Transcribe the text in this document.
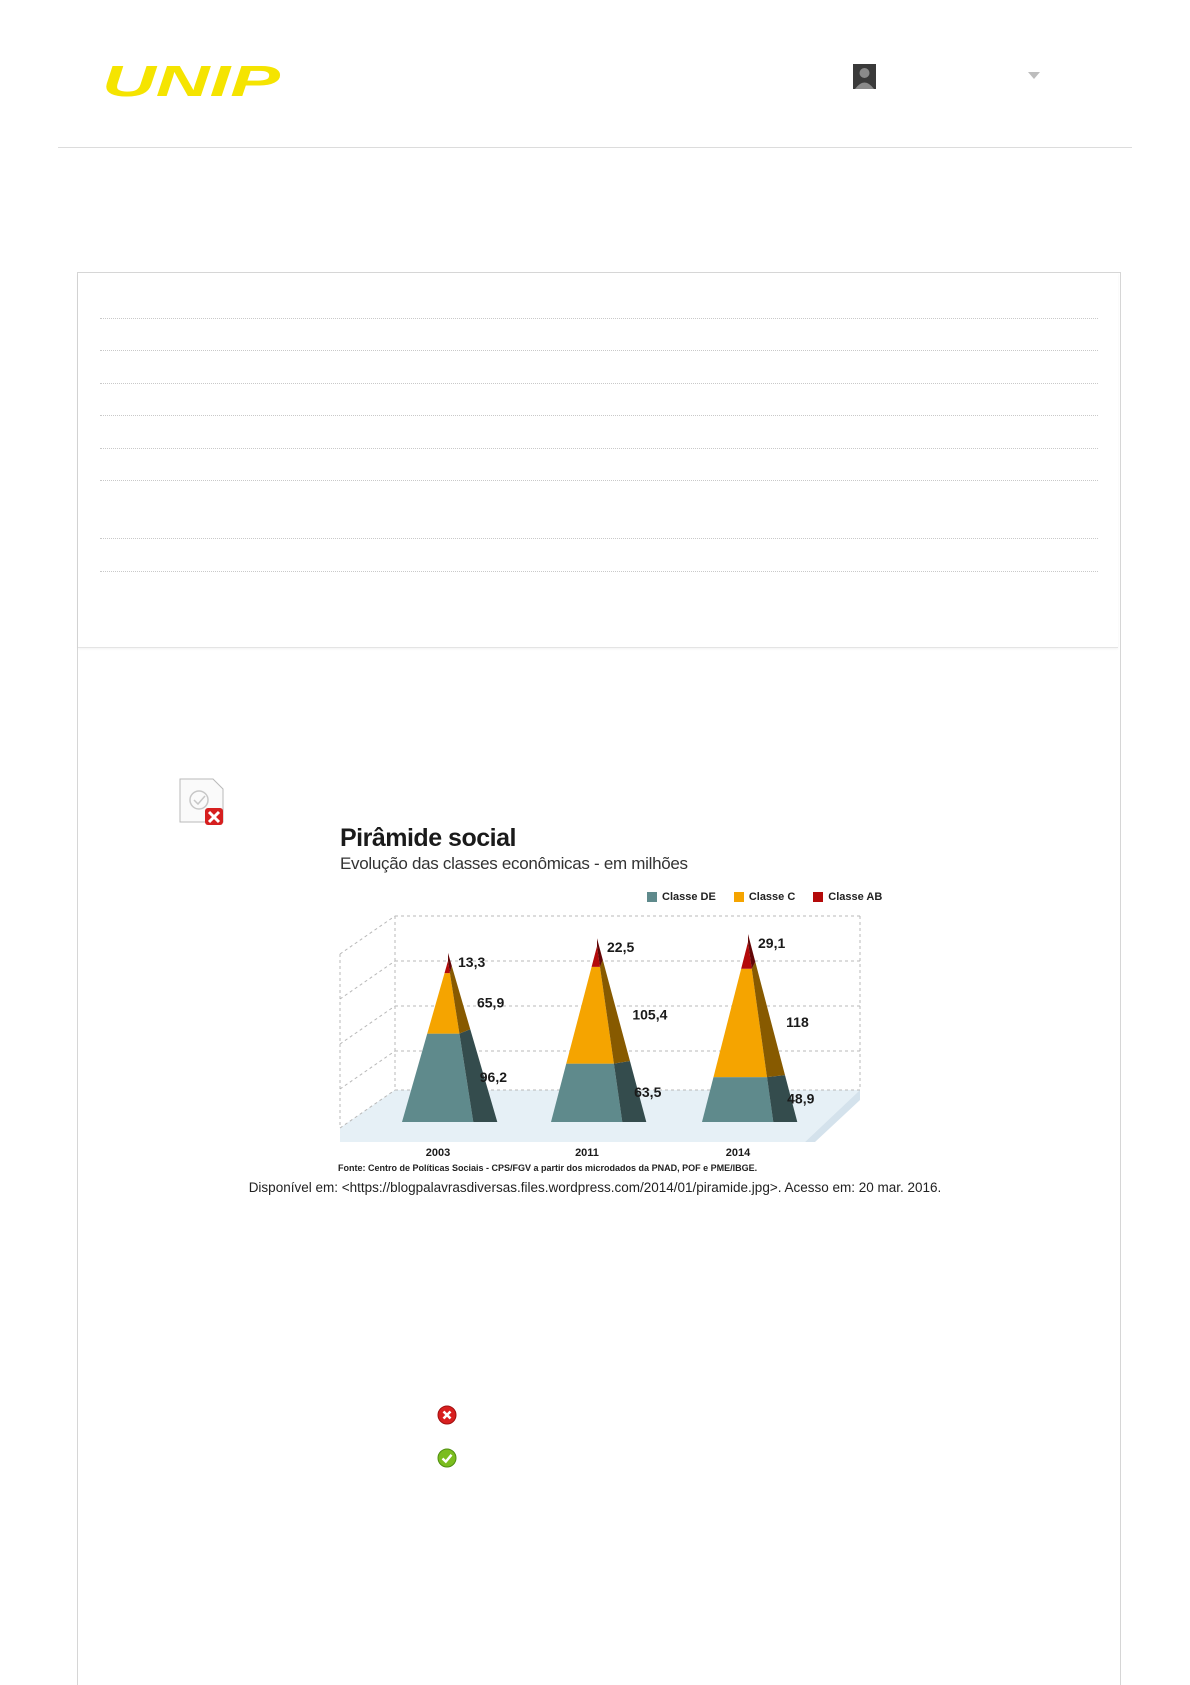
UNIP
Pirâmide social
Evolução das classes econômicas - em milhões
Classe DE	Classe C	Classe AB
96,2
65,9
13,3
2003
63,5
105,4
22,5
2011
48,9
118
29,1
2014
Fonte: Centro de Políticas Sociais - CPS/FGV a partir dos microdados da PNAD, POF e PME/IBGE.
Disponível em: <https://blogpalavrasdiversas.files.wordpress.com/2014/01/piramide.jpg>. Acesso em: 20 mar. 2016.
